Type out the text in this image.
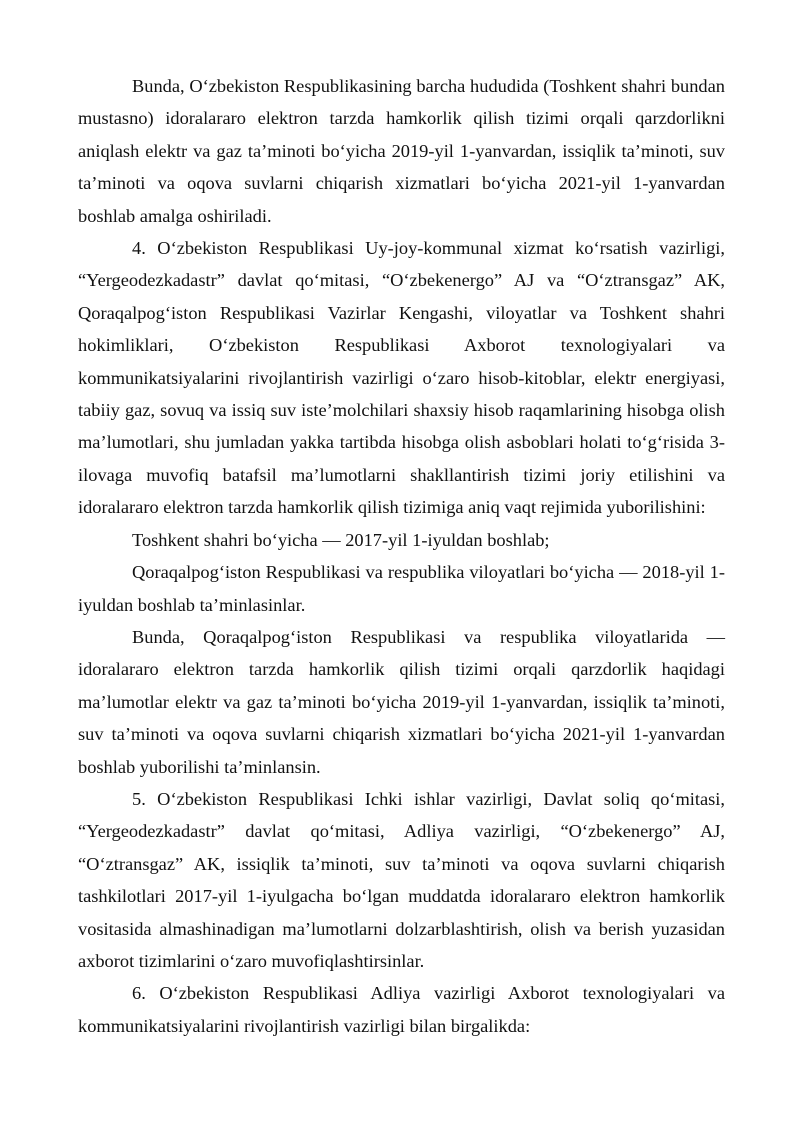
Bunda, O‘zbekiston Respublikasining barcha hududida (Toshkent shahri bundan mustasno) idoralararo elektron tarzda hamkorlik qilish tizimi orqali qarzdorlikni aniqlash elektr va gaz ta’minoti bo‘yicha 2019-yil 1-yanvardan, issiqlik ta’minoti, suv ta’minoti va oqova suvlarni chiqarish xizmatlari bo‘yicha 2021-yil 1-yanvardan boshlab amalga oshiriladi.

4. O‘zbekiston Respublikasi Uy-joy-kommunal xizmat ko‘rsatish vazirligi, “Yergeodezkadastr” davlat qo‘mitasi, “O‘zbekenergo” AJ va “O‘ztransgaz” AK, Qoraqalpog‘iston Respublikasi Vazirlar Kengashi, viloyatlar va Toshkent shahri hokimliklari, O‘zbekiston Respublikasi Axborot texnologiyalari va kommunikatsiyalarini rivojlantirish vazirligi o‘zaro hisob-kitoblar, elektr energiyasi, tabiiy gaz, sovuq va issiq suv iste’molchilari shaxsiy hisob raqamlarining hisobga olish ma’lumotlari, shu jumladan yakka tartibda hisobga olish asboblari holati to‘g‘risida 3-ilovaga muvofiq batafsil ma’lumotlarni shakllantirish tizimi joriy etilishini va idoralararo elektron tarzda hamkorlik qilish tizimiga aniq vaqt rejimida yuborilishini:

Toshkent shahri bo‘yicha — 2017-yil 1-iyuldan boshlab;

Qoraqalpog‘iston Respublikasi va respublika viloyatlari bo‘yicha — 2018-yil 1-iyuldan boshlab ta’minlasinlar.

Bunda, Qoraqalpog‘iston Respublikasi va respublika viloyatlarida — idoralararo elektron tarzda hamkorlik qilish tizimi orqali qarzdorlik haqidagi ma’lumotlar elektr va gaz ta’minoti bo‘yicha 2019-yil 1-yanvardan, issiqlik ta’minoti, suv ta’minoti va oqova suvlarni chiqarish xizmatlari bo‘yicha 2021-yil 1-yanvardan boshlab yuborilishi ta’minlansin.

5. O‘zbekiston Respublikasi Ichki ishlar vazirligi, Davlat soliq qo‘mitasi, “Yergeodezkadastr” davlat qo‘mitasi, Adliya vazirligi, “O‘zbekenergo” AJ, “O‘ztransgaz” AK, issiqlik ta’minoti, suv ta’minoti va oqova suvlarni chiqarish tashkilotlari 2017-yil 1-iyulgacha bo‘lgan muddatda idoralararo elektron hamkorlik vositasida almashinadigan ma’lumotlarni dolzarblashtirish, olish va berish yuzasidan axborot tizimlarini o‘zaro muvofiqlashtirsinlar.

6. O‘zbekiston Respublikasi Adliya vazirligi Axborot texnologiyalari va kommunikatsiyalarini rivojlantirish vazirligi bilan birgalikda:
